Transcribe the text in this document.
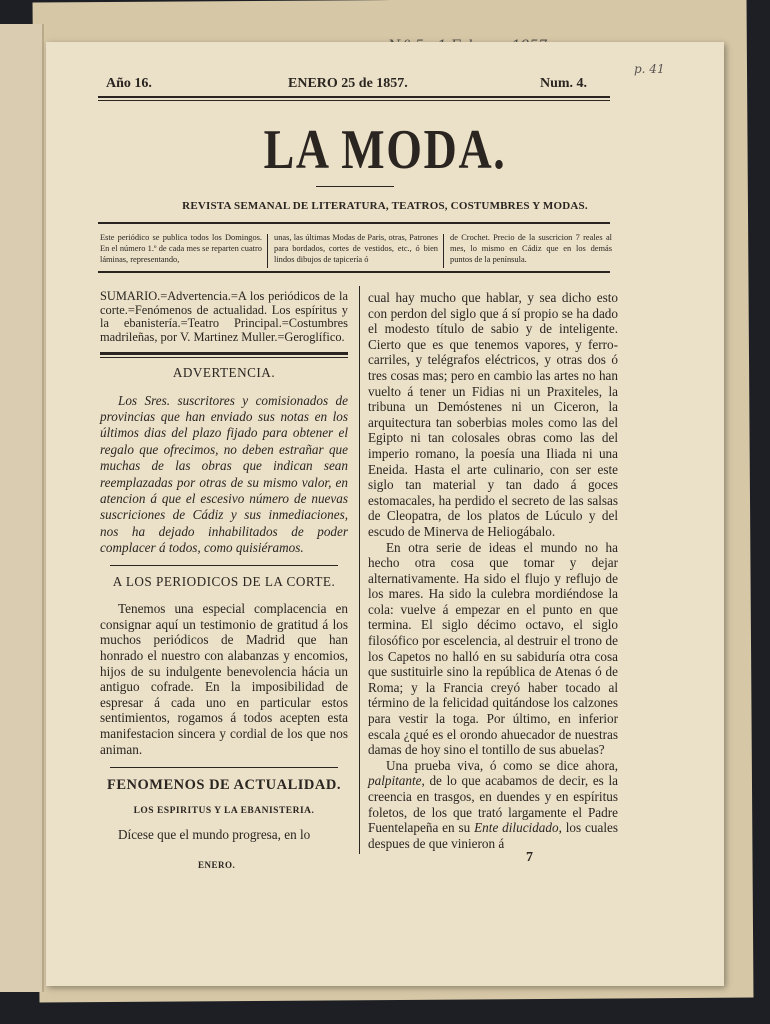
p. 41
Año 16.	ENERO 25 de 1857.	Num. 4.
LA MODA.
REVISTA SEMANAL DE LITERATURA, TEATROS, COSTUMBRES Y MODAS.
Este periódico se publica todos los Domingos. En el número 1.º de cada mes se reparten cuatro láminas, representando,
unas, las últimas Modas de Paris, otras, Patrones para bordados, cortes de vestidos, etc., ó bien lindos dibujos de tapicería ó
de Crochet. Precio de la suscricion 7 reales al mes, lo mismo en Cádiz que en los demás puntos de la península.

SUMARIO.=Advertencia.=A los periódicos de la corte.=Fenómenos de actualidad. Los espíritus y la ebanistería.=Teatro Principal.=Costumbres madrileñas, por V. Martinez Muller.=Geroglífico.

ADVERTENCIA.

Los Sres. suscritores y comisionados de provincias que han enviado sus notas en los últimos dias del plazo fijado para obtener el regalo que ofrecimos, no deben estrañar que muchas de las obras que indican sean reemplazadas por otras de su mismo valor, en atencion á que el escesivo número de nuevas suscriciones de Cádiz y sus inmediaciones, nos ha dejado inhabilitados de poder complacer á todos, como quisiéramos.

A LOS PERIODICOS DE LA CORTE.

Tenemos una especial complacencia en consignar aquí un testimonio de gratitud á los muchos periódicos de Madrid que han honrado el nuestro con alabanzas y encomios, hijos de su indulgente benevolencia hácia un antiguo cofrade. En la imposibilidad de espresar á cada uno en particular estos sentimientos, rogamos á todos acepten esta manifestacion sincera y cordial de los que nos animan.

FENOMENOS DE ACTUALIDAD.

LOS ESPIRITUS Y LA EBANISTERIA.

Dícese que el mundo progresa, en lo

ENERO.

cual hay mucho que hablar, y sea dicho esto con perdon del siglo que á sí propio se ha dado el modesto título de sabio y de inteligente. Cierto que es que tenemos vapores, y ferro-carriles, y telégrafos eléctricos, y otras dos ó tres cosas mas; pero en cambio las artes no han vuelto á tener un Fidias ni un Praxiteles, la tribuna un Demóstenes ni un Ciceron, la arquitectura tan soberbias moles como las del Egipto ni tan colosales obras como las del imperio romano, la poesía una Iliada ni una Eneida. Hasta el arte culinario, con ser este siglo tan material y tan dado á goces estomacales, ha perdido el secreto de las salsas de Cleopatra, de los platos de Lúculo y del escudo de Minerva de Heliogábalo.

En otra serie de ideas el mundo no ha hecho otra cosa que tomar y dejar alternativamente. Ha sido el flujo y reflujo de los mares. Ha sido la culebra mordiéndose la cola: vuelve á empezar en el punto en que termina. El siglo décimo octavo, el siglo filosófico por escelencia, al destruir el trono de los Capetos no halló en su sabiduría otra cosa que sustituirle sino la república de Atenas ó de Roma; y la Francia creyó haber tocado al término de la felicidad quitándose los calzones para vestir la toga. Por último, en inferior escala ¿qué es el orondo ahuecador de nuestras damas de hoy sino el tontillo de sus abuelas?

Una prueba viva, ó como se dice ahora, palpitante, de lo que acabamos de decir, es la creencia en trasgos, en duendes y en espíritus foletos, de los que trató largamente el Padre Fuentelapeña en su Ente dilucidado, los cuales despues de que vinieron á

7
